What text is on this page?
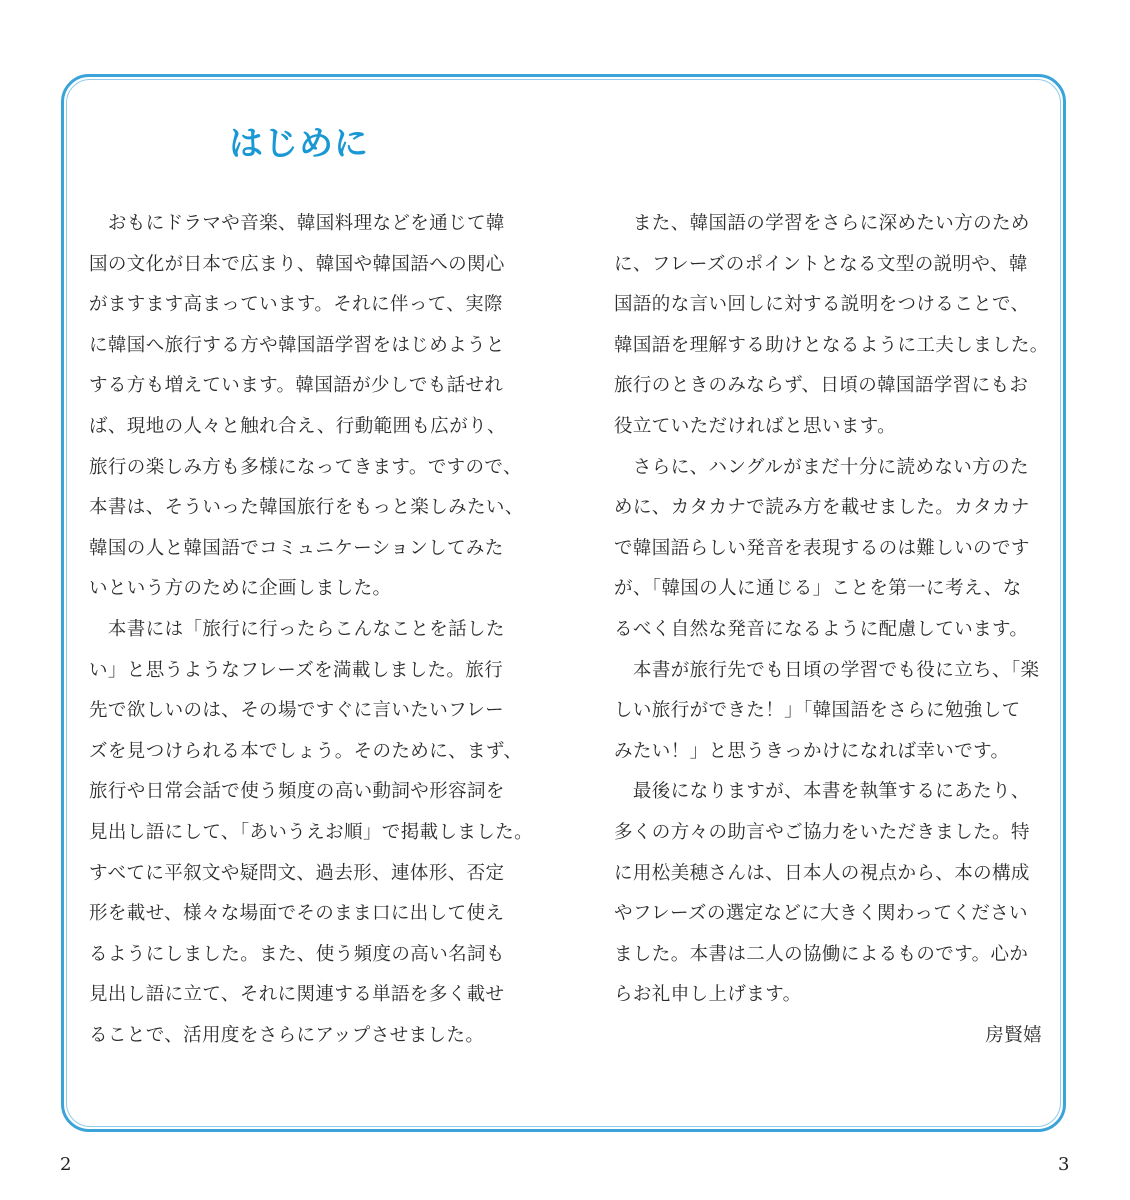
はじめに
　おもにドラマや音楽、韓国料理などを通じて韓
国の文化が日本で広まり、韓国や韓国語への関心
がますます高まっています。それに伴って、実際
に韓国へ旅行する方や韓国語学習をはじめようと
する方も増えています。韓国語が少しでも話せれ
ば、現地の人々と触れ合え、行動範囲も広がり、
旅行の楽しみ方も多様になってきます。ですので、
本書は、そういった韓国旅行をもっと楽しみたい、
韓国の人と韓国語でコミュニケーションしてみた
いという方のために企画しました。
　本書には「旅行に行ったらこんなことを話した
い」と思うようなフレーズを満載しました。旅行
先で欲しいのは、その場ですぐに言いたいフレー
ズを見つけられる本でしょう。そのために、まず、
旅行や日常会話で使う頻度の高い動詞や形容詞を
見出し語にして、「あいうえお順」で掲載しました。
すべてに平叙文や疑問文、過去形、連体形、否定
形を載せ、様々な場面でそのまま口に出して使え
るようにしました。また、使う頻度の高い名詞も
見出し語に立て、それに関連する単語を多く載せ
ることで、活用度をさらにアップさせました。
　また、韓国語の学習をさらに深めたい方のため
に、フレーズのポイントとなる文型の説明や、韓
国語的な言い回しに対する説明をつけることで、
韓国語を理解する助けとなるように工夫しました。
旅行のときのみならず、日頃の韓国語学習にもお
役立ていただければと思います。
　さらに、ハングルがまだ十分に読めない方のた
めに、カタカナで読み方を載せました。カタカナ
で韓国語らしい発音を表現するのは難しいのです
が、「韓国の人に通じる」ことを第一に考え、な
るべく自然な発音になるように配慮しています。
　本書が旅行先でも日頃の学習でも役に立ち、「楽
しい旅行ができた！」「韓国語をさらに勉強して
みたい！」と思うきっかけになれば幸いです。
　最後になりますが、本書を執筆するにあたり、
多くの方々の助言やご協力をいただきました。特
に用松美穂さんは、日本人の視点から、本の構成
やフレーズの選定などに大きく関わってください
ました。本書は二人の協働によるものです。心か
らお礼申し上げます。
房賢嬉
2	3
